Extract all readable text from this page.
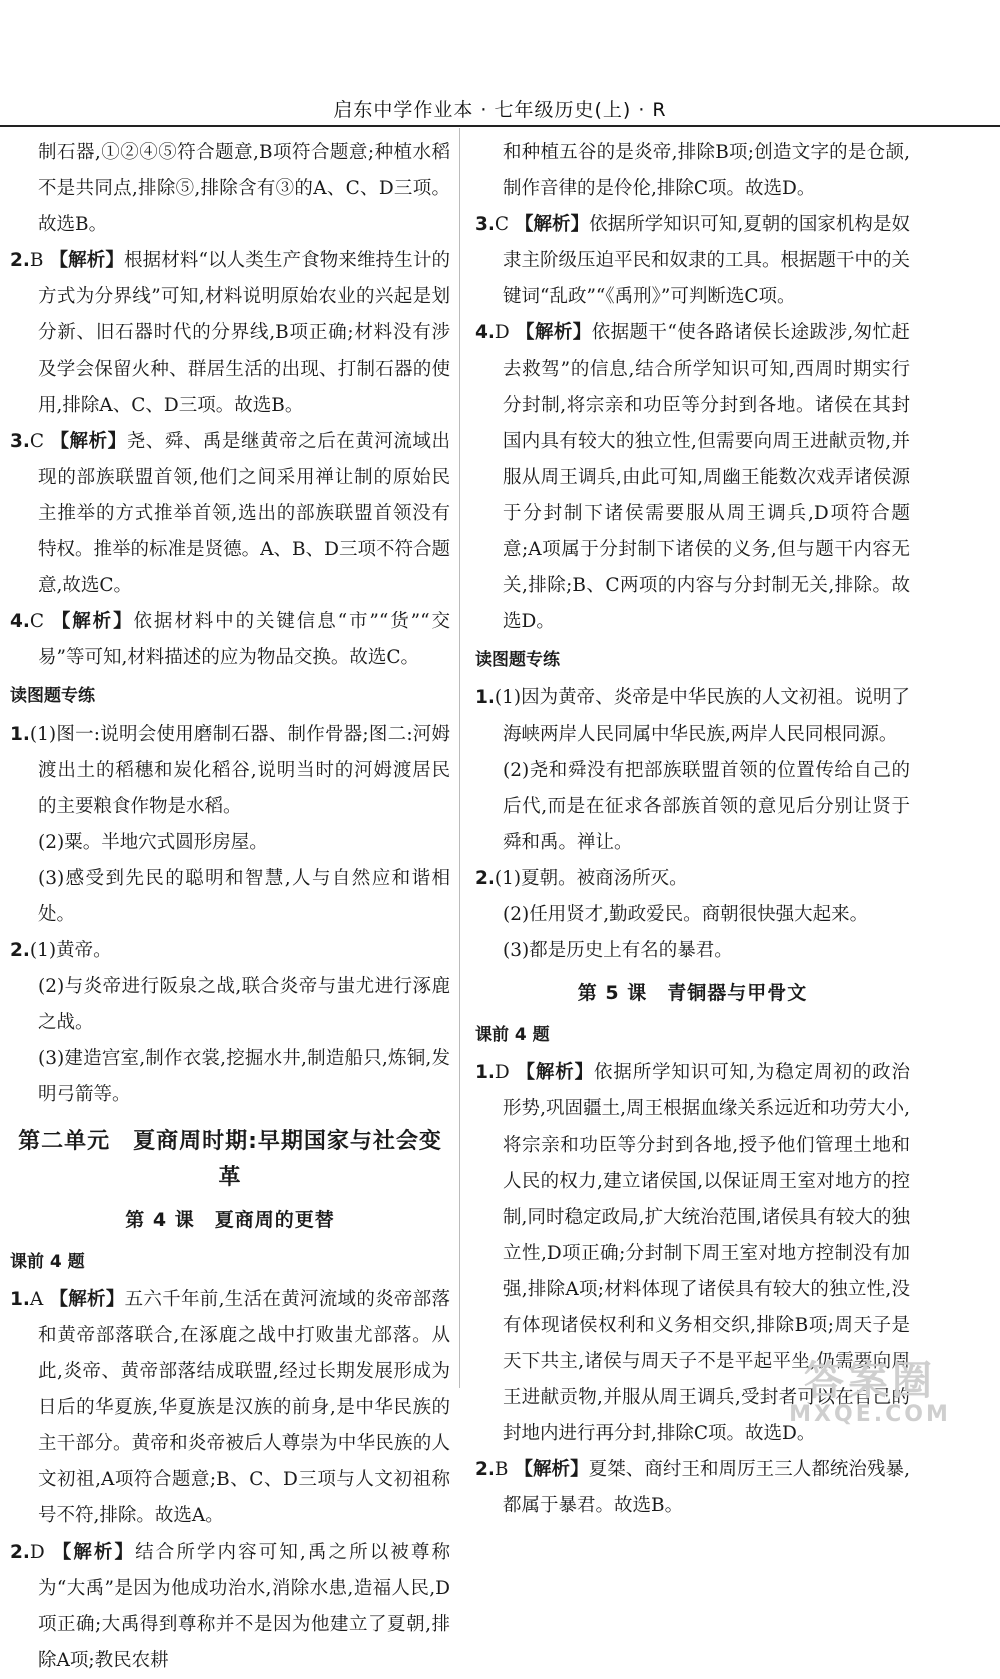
启东中学作业本 · 七年级历史(上) · R

制石器,①②④⑤符合题意,B项符合题意;种植水稻不是共同点,排除⑤,排除含有③的A、C、D三项。故选B。

2.B 【解析】根据材料“以人类生产食物来维持生计的方式为分界线”可知,材料说明原始农业的兴起是划分新、旧石器时代的分界线,B项正确;材料没有涉及学会保留火种、群居生活的出现、打制石器的使用,排除A、C、D三项。故选B。

3.C 【解析】尧、舜、禹是继黄帝之后在黄河流域出现的部族联盟首领,他们之间采用禅让制的原始民主推举的方式推举首领,选出的部族联盟首领没有特权。推举的标准是贤德。A、B、D三项不符合题意,故选C。

4.C 【解析】依据材料中的关键信息“市”“货”“交易”等可知,材料描述的应为物品交换。故选C。

读图题专练

1.(1)图一:说明会使用磨制石器、制作骨器;图二:河姆渡出土的稻穗和炭化稻谷,说明当时的河姆渡居民的主要粮食作物是水稻。

(2)粟。半地穴式圆形房屋。

(3)感受到先民的聪明和智慧,人与自然应和谐相处。

2.(1)黄帝。

(2)与炎帝进行阪泉之战,联合炎帝与蚩尤进行涿鹿之战。

(3)建造宫室,制作衣裳,挖掘水井,制造船只,炼铜,发明弓箭等。

第二单元　夏商周时期:早期国家与社会变革
第 4 课　夏商周的更替
课前 4 题

1.A 【解析】五六千年前,生活在黄河流域的炎帝部落和黄帝部落联合,在涿鹿之战中打败蚩尤部落。从此,炎帝、黄帝部落结成联盟,经过长期发展形成为日后的华夏族,华夏族是汉族的前身,是中华民族的主干部分。黄帝和炎帝被后人尊崇为中华民族的人文初祖,A项符合题意;B、C、D三项与人文初祖称号不符,排除。故选A。

2.D 【解析】结合所学内容可知,禹之所以被尊称为“大禹”是因为他成功治水,消除水患,造福人民,D项正确;大禹得到尊称并不是因为他建立了夏朝,排除A项;教民农耕

和种植五谷的是炎帝,排除B项;创造文字的是仓颉,制作音律的是伶伦,排除C项。故选D。

3.C 【解析】依据所学知识可知,夏朝的国家机构是奴隶主阶级压迫平民和奴隶的工具。根据题干中的关键词“乱政”“《禹刑》”可判断选C项。

4.D 【解析】依据题干“使各路诸侯长途跋涉,匆忙赶去救驾”的信息,结合所学知识可知,西周时期实行分封制,将宗亲和功臣等分封到各地。诸侯在其封国内具有较大的独立性,但需要向周王进献贡物,并服从周王调兵,由此可知,周幽王能数次戏弄诸侯源于分封制下诸侯需要服从周王调兵,D项符合题意;A项属于分封制下诸侯的义务,但与题干内容无关,排除;B、C两项的内容与分封制无关,排除。故选D。

读图题专练

1.(1)因为黄帝、炎帝是中华民族的人文初祖。说明了海峡两岸人民同属中华民族,两岸人民同根同源。

(2)尧和舜没有把部族联盟首领的位置传给自己的后代,而是在征求各部族首领的意见后分别让贤于舜和禹。禅让。

2.(1)夏朝。被商汤所灭。

(2)任用贤才,勤政爱民。商朝很快强大起来。

(3)都是历史上有名的暴君。

第 5 课　青铜器与甲骨文
课前 4 题

1.D 【解析】依据所学知识可知,为稳定周初的政治形势,巩固疆土,周王根据血缘关系远近和功劳大小,将宗亲和功臣等分封到各地,授予他们管理土地和人民的权力,建立诸侯国,以保证周王室对地方的控制,同时稳定政局,扩大统治范围,诸侯具有较大的独立性,D项正确;分封制下周王室对地方控制没有加强,排除A项;材料体现了诸侯具有较大的独立性,没有体现诸侯权利和义务相交织,排除B项;周天子是天下共主,诸侯与周天子不是平起平坐,仍需要向周王进献贡物,并服从周王调兵,受封者可以在自己的封地内进行再分封,排除C项。故选D。

2.B 【解析】夏桀、商纣王和周厉王三人都统治残暴,都属于暴君。故选B。

答案圈
MXQE.COM
